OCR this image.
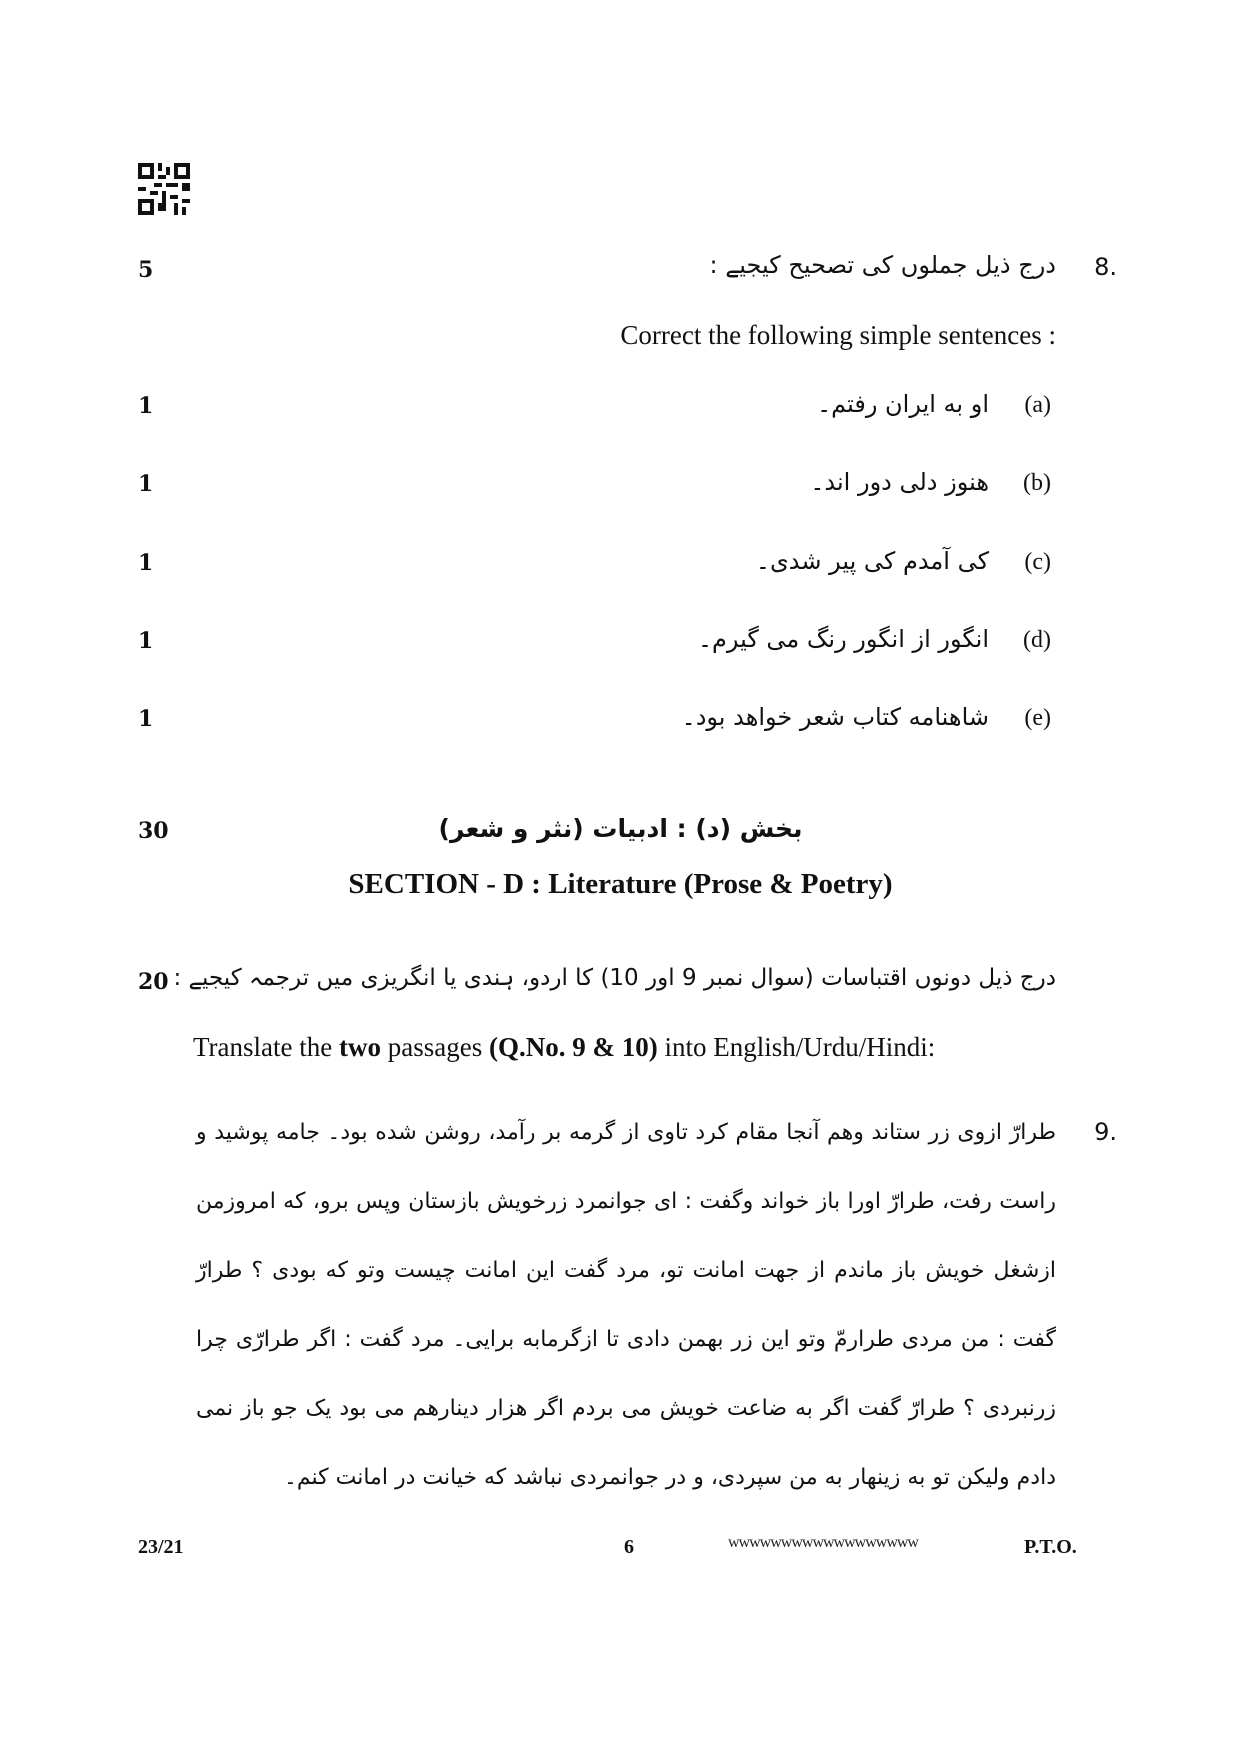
.8
درج ذیل جملوں کی تصحیح کیجیے :
5
Correct the following simple sentences :
(a)
او به ایران رفتم۔
1
(b)
هنوز دلی دور اند۔
1
(c)
کی آمدم کی پیر شدی۔
1
(d)
انگور از انگور رنگ می گیرم۔
1
(e)
شاهنامه کتاب شعر خواهد بود۔
1
بخش (د) : ادبیات (نثر و شعر)
30
SECTION - D : Literature (Prose & Poetry)
درج ذیل دونوں اقتباسات (سوال نمبر 9 اور 10) کا اردو، ہندی یا انگریزی میں ترجمہ کیجیے :
20
Translate the two passages (Q.No. 9 & 10) into English/Urdu/Hindi:
.9
طرارّ ازوی زر ستاند وهم آنجا مقام کرد تاوی از گرمه بر رآمد، روشن شده بود۔ جامه پوشید و راست رفت، طرارّ اورا باز خواند وگفت : ای جوانمرد زرخویش بازستان وپس برو، که امروزمن ازشغل خویش باز ماندم از جهت امانت تو، مرد گفت این امانت چیست وتو که بودی ؟ طرارّ گفت : من مردی طرارمّ وتو این زر بهمن دادی تا ازگرمابه برایی۔ مرد گفت : اگر طرارّی چرا زرنبردی ؟ طرارّ گفت اگر به ضاعت خویش می بردم اگر هزار دینارهم می بود یک جو باز نمی دادم ولیکن تو به زینهار به من سپردی، و در جوانمردی نباشد که خیانت در امانت کنم۔
23/21	6	wwwwwwwwwwwwwwwwww	P.T.O.
